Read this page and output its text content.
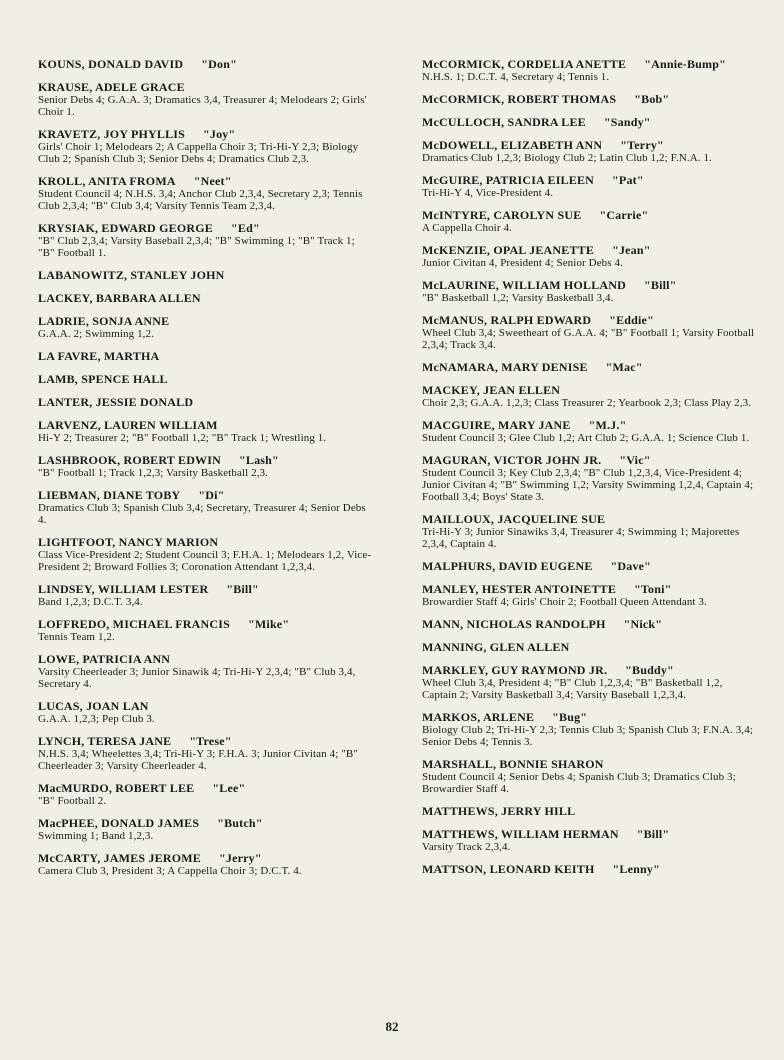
KOUNS, DONALD DAVID "Don"
KRAUSE, ADELE GRACE
Senior Debs 4; G.A.A. 3; Dramatics 3,4, Treasurer 4; Melodears 2; Girls' Choir 1.
KRAVETZ, JOY PHYLLIS "Joy"
Girls' Choir 1; Melodears 2; A Cappella Choir 3; Tri-Hi-Y 2,3; Biology Club 2; Spanish Club 3; Senior Debs 4; Dramatics Club 2,3.
KROLL, ANITA FROMA "Neet"
Student Council 4; N.H.S. 3,4; Anchor Club 2,3,4, Secretary 2,3; Tennis Club 2,3,4; "B" Club 3,4; Varsity Tennis Team 2,3,4.
KRYSIAK, EDWARD GEORGE "Ed"
"B" Club 2,3,4; Varsity Baseball 2,3,4; "B" Swimming 1; "B" Track 1; "B" Football 1.
LABANOWITZ, STANLEY JOHN
LACKEY, BARBARA ALLEN
LADRIE, SONJA ANNE
G.A.A. 2; Swimming 1,2.
LA FAVRE, MARTHA
LAMB, SPENCE HALL
LANTER, JESSIE DONALD
LARVENZ, LAUREN WILLIAM
Hi-Y 2; Treasurer 2; "B" Football 1,2; "B" Track 1; Wrestling 1.
LASHBROOK, ROBERT EDWIN "Lash"
"B" Football 1; Track 1,2,3; Varsity Basketball 2,3.
LIEBMAN, DIANE TOBY "Di"
Dramatics Club 3; Spanish Club 3,4; Secretary, Treasurer 4; Senior Debs 4.
LIGHTFOOT, NANCY MARION
Class Vice-President 2; Student Council 3; F.H.A. 1; Melodears 1,2, Vice-President 2; Broward Follies 3; Coronation Attendant 1,2,3,4.
LINDSEY, WILLIAM LESTER "Bill"
Band 1,2,3; D.C.T. 3,4.
LOFFREDO, MICHAEL FRANCIS "Mike"
Tennis Team 1,2.
LOWE, PATRICIA ANN
Varsity Cheerleader 3; Junior Sinawik 4; Tri-Hi-Y 2,3,4; "B" Club 3,4, Secretary 4.
LUCAS, JOAN LAN
G.A.A. 1,2,3; Pep Club 3.
LYNCH, TERESA JANE "Trese"
N.H.S. 3,4; Wheelettes 3,4; Tri-Hi-Y 3; F.H.A. 3; Junior Civitan 4; "B" Cheerleader 3; Varsity Cheerleader 4.
MacMURDO, ROBERT LEE "Lee"
"B" Football 2.
MacPHEE, DONALD JAMES "Butch"
Swimming 1; Band 1,2,3.
McCARTY, JAMES JEROME "Jerry"
Camera Club 3, President 3; A Cappella Choir 3; D.C.T. 4.
McCORMICK, CORDELIA ANETTE "Annie-Bump"
N.H.S. 1; D.C.T. 4, Secretary 4; Tennis 1.
McCORMICK, ROBERT THOMAS "Bob"
McCULLOCH, SANDRA LEE "Sandy"
McDOWELL, ELIZABETH ANN "Terry"
Dramatics Club 1,2,3; Biology Club 2; Latin Club 1,2; F.N.A. 1.
McGUIRE, PATRICIA EILEEN "Pat"
Tri-Hi-Y 4, Vice-President 4.
McINTYRE, CAROLYN SUE "Carrie"
A Cappella Choir 4.
McKENZIE, OPAL JEANETTE "Jean"
Junior Civitan 4, President 4; Senior Debs 4.
McLAURINE, WILLIAM HOLLAND "Bill"
"B" Basketball 1,2; Varsity Basketball 3,4.
McMANUS, RALPH EDWARD "Eddie"
Wheel Club 3,4; Sweetheart of G.A.A. 4; "B" Football 1; Varsity Football 2,3,4; Track 3,4.
McNAMARA, MARY DENISE "Mac"
MACKEY, JEAN ELLEN
Choir 2,3; G.A.A. 1,2,3; Class Treasurer 2; Yearbook 2,3; Class Play 2,3.
MACGUIRE, MARY JANE "M.J."
Student Council 3; Glee Club 1,2; Art Club 2; G.A.A. 1; Science Club 1.
MAGURAN, VICTOR JOHN JR. "Vic"
Student Council 3; Key Club 2,3,4; "B" Club 1,2,3,4, Vice-President 4; Junior Civitan 4; "B" Swimming 1,2; Varsity Swimming 1,2,4, Captain 4; Football 3,4; Boys' State 3.
MAILLOUX, JACQUELINE SUE
Tri-Hi-Y 3; Junior Sinawiks 3,4, Treasurer 4; Swimming 1; Majorettes 2,3,4, Captain 4.
MALPHURS, DAVID EUGENE "Dave"
MANLEY, HESTER ANTOINETTE "Toni"
Browardier Staff 4; Girls' Choir 2; Football Queen Attendant 3.
MANN, NICHOLAS RANDOLPH "Nick"
MANNING, GLEN ALLEN
MARKLEY, GUY RAYMOND JR. "Buddy"
Wheel Club 3,4, President 4; "B" Club 1,2,3,4; "B" Basketball 1,2, Captain 2; Varsity Basketball 3,4; Varsity Baseball 1,2,3,4.
MARKOS, ARLENE "Bug"
Biology Club 2; Tri-Hi-Y 2,3; Tennis Club 3; Spanish Club 3; F.N.A. 3,4; Senior Debs 4; Tennis 3.
MARSHALL, BONNIE SHARON
Student Council 4; Senior Debs 4; Spanish Club 3; Dramatics Club 3; Browardier Staff 4.
MATTHEWS, JERRY HILL
MATTHEWS, WILLIAM HERMAN "Bill"
Varsity Track 2,3,4.
MATTSON, LEONARD KEITH "Lenny"
82
